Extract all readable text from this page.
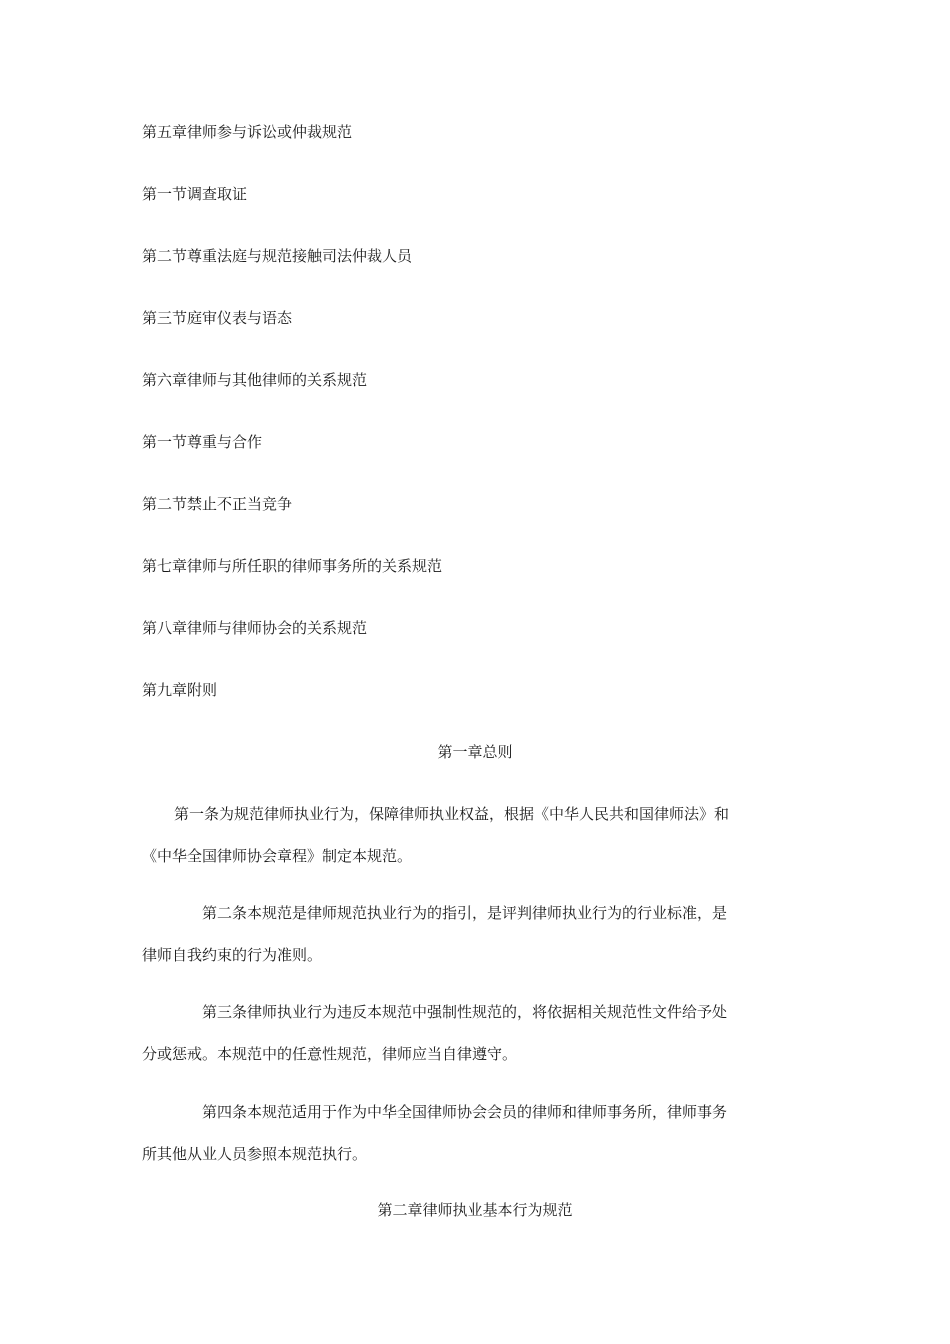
第五章律师参与诉讼或仲裁规范
第一节调查取证
第二节尊重法庭与规范接触司法仲裁人员
第三节庭审仪表与语态
第六章律师与其他律师的关系规范
第一节尊重与合作
第二节禁止不正当竞争
第七章律师与所任职的律师事务所的关系规范
第八章律师与律师协会的关系规范
第九章附则
第一章总则
第一条为规范律师执业行为，保障律师执业权益，根据《中华人民共和国律师法》和
《中华全国律师协会章程》制定本规范。
第二条本规范是律师规范执业行为的指引，是评判律师执业行为的行业标准，是
律师自我约束的行为准则。
第三条律师执业行为违反本规范中强制性规范的，将依据相关规范性文件给予处
分或惩戒。本规范中的任意性规范，律师应当自律遵守。
第四条本规范适用于作为中华全国律师协会会员的律师和律师事务所，律师事务
所其他从业人员参照本规范执行。
第二章律师执业基本行为规范
